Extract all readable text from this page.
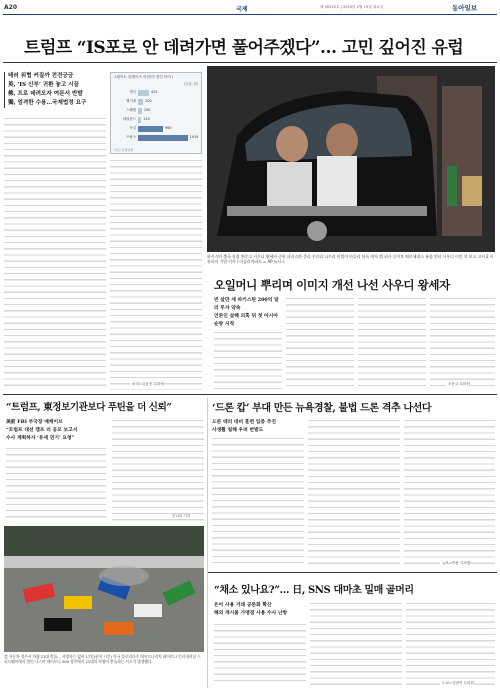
A20	국제	제 30325호 | 2019년 2월 19일 화요일	동아일보
트럼프 “IS포로 안 데려가면 풀어주겠다”… 고민 깊어진 유럽
테러 위협 커질까 전전긍긍
英, ‘IS 신부’ 귀환 놓고 시끌
佛, 프로 데려오자 여론서 반발
獨, 엄격한 수용…국제법정 요구
그레이트 블레이즈 이전/이 전인 아이 /
(단위: 명)
영국	425
벨기에	200
스웨덴 150
네덜란드 125
독일	960
프랑스	1910
자료: 유럽연합
하키스탄 출국 직접 李문고 사우디 왕세자 중원 파키스탄 총리 우르리 나프리 이빌이 아들리 단독 여자 앨 피사 루이트 메르세데스 유럽 인터 사우디 이인 석 보고 고시 2 시 통과의 기업 이사 / 이슬라마바드 = AP 뉴시스
오일머니 뿌리며 이미지 개선 나선 사우디 왕세자
빈 살만 세 파키스탄 200억 달러 투자 약속
언론인 살해 의혹 뒤 첫 아시아 순방 시작
“트럼프, 東정보기관보다 푸틴을 더 신뢰”
美前 FBI 부국장 매케이브
“트럼프 대선 캠프 러 공모 보고서
수사 계획하자 ‘유세 연기’ 요청”
美 자동차 경주서 차량 21대 충돌… 사망자는 없어 17일(현지 시간) 미국 플로리다주 데이토나비치 데이토나 인터내셔널 스피드웨이에서 열린 나스카 데이토나 500 경주에서 21대의 차량이 충돌하는 사고가 발생했다.
‘드론 캅’ 부대 만든 뉴욕경찰, 불법 드론 격추 나선다
드론 테러 대비 훈련 입증 추진
사생활 침해 우려 반발도
“채소 있나요?”… 日, SNS 대마초 밀매 골머리
은어 사용 거래 공론화 확산
해외 게시물 가맹점 사용 수사 난항
파리=김윤종 특파원	조동주 특파원
신나리 기자
뉴욕=박용 특파원
도쿄=김범석 특파원
